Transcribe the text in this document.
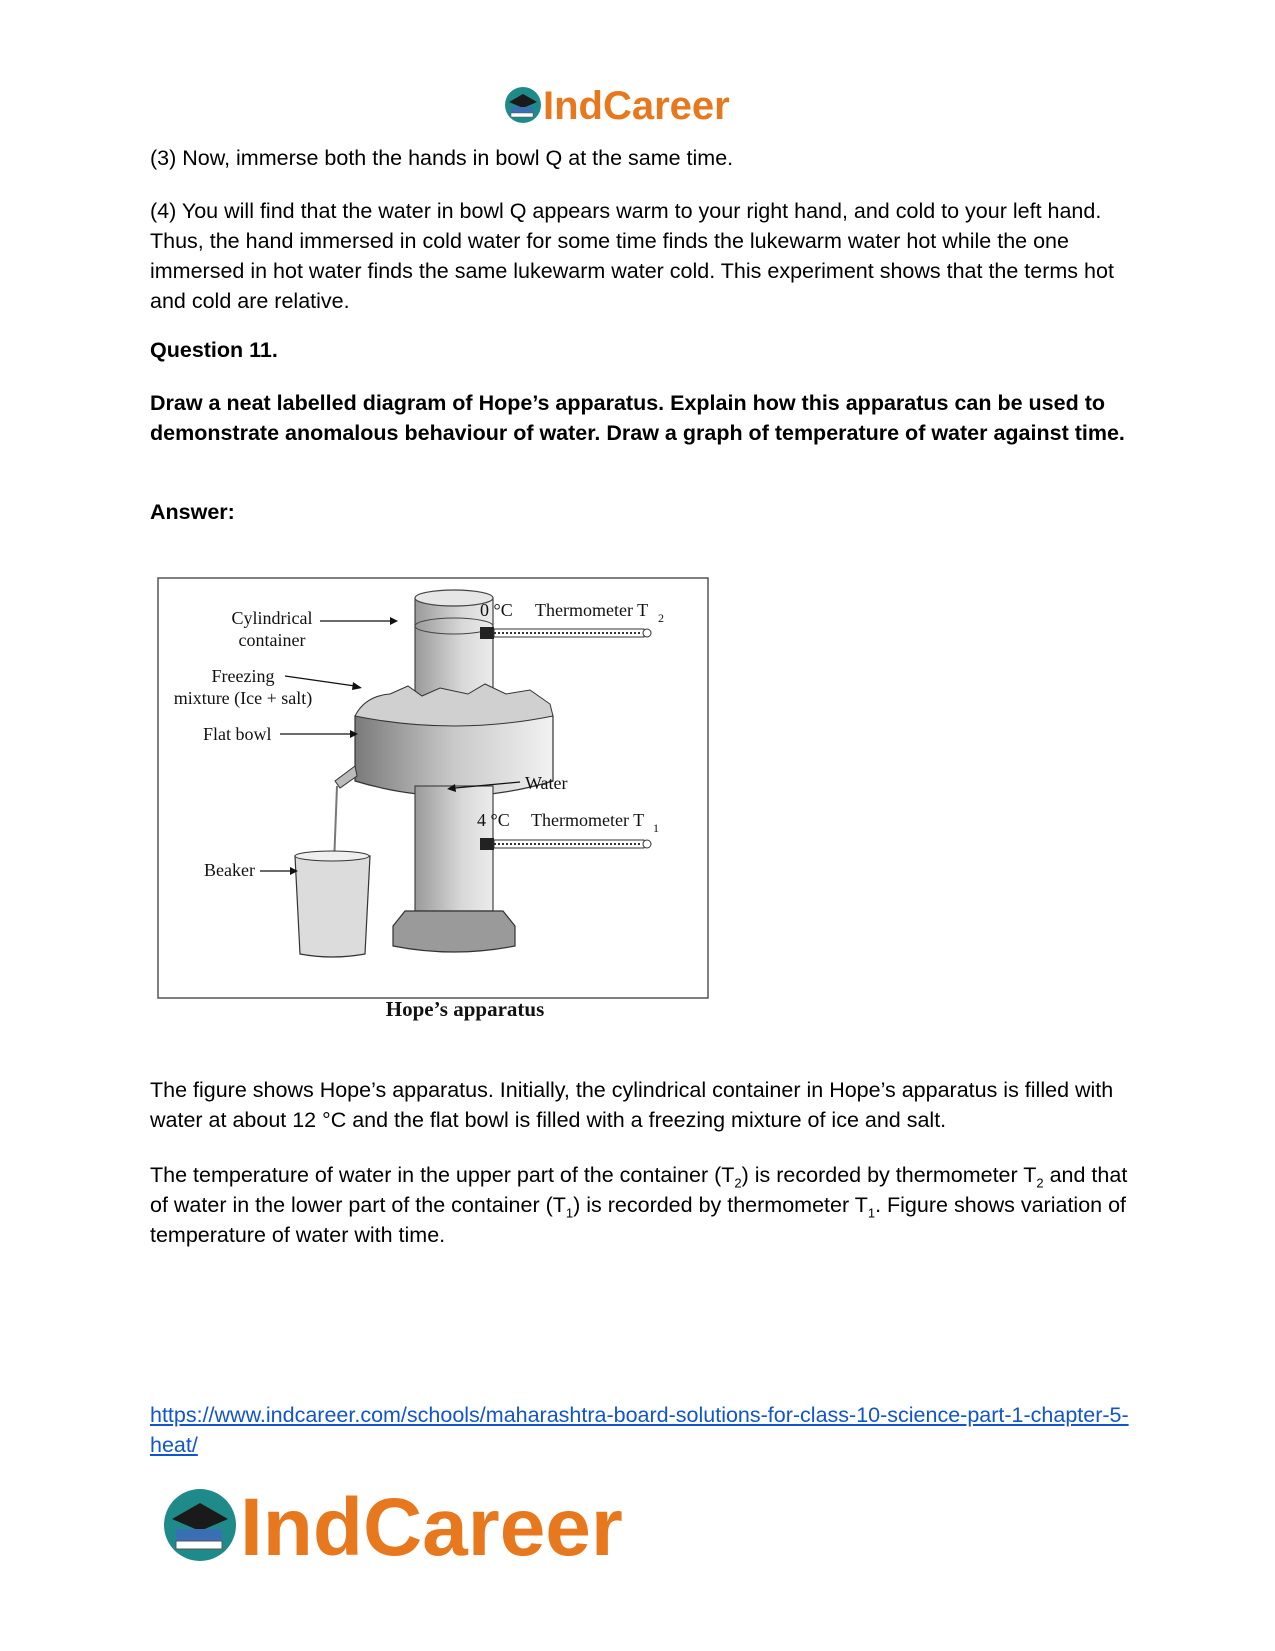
IndCareer
(3) Now, immerse both the hands in bowl Q at the same time.
(4) You will find that the water in bowl Q appears warm to your right hand, and cold to your left hand. Thus, the hand immersed in cold water for some time finds the lukewarm water hot while the one immersed in hot water finds the same lukewarm water cold. This experiment shows that the terms hot and cold are relative.
Question 11.
Draw a neat labelled diagram of Hope’s apparatus. Explain how this apparatus can be used to demonstrate anomalous behaviour of water. Draw a graph of temperature of water against time.
Answer:
Cylindrical
container
Freezing
mixture (Ice + salt)
Flat bowl
Beaker
Water
0 °C Thermometer T 2
4 °C Thermometer T 1
Hope’s apparatus
The figure shows Hope’s apparatus. Initially, the cylindrical container in Hope’s apparatus is filled with water at about 12 °C and the flat bowl is filled with a freezing mixture of ice and salt.
The temperature of water in the upper part of the container $(T_2)$ is recorded by thermometer $T_2$ and that of water in the lower part of the container $(T_1)$ is recorded by thermometer $T_1$. Figure shows variation of temperature of water with time.
https://www.indcareer.com/schools/maharashtra-board-solutions-for-class-10-science-part-1-chapter-5-heat/
IndCareer
